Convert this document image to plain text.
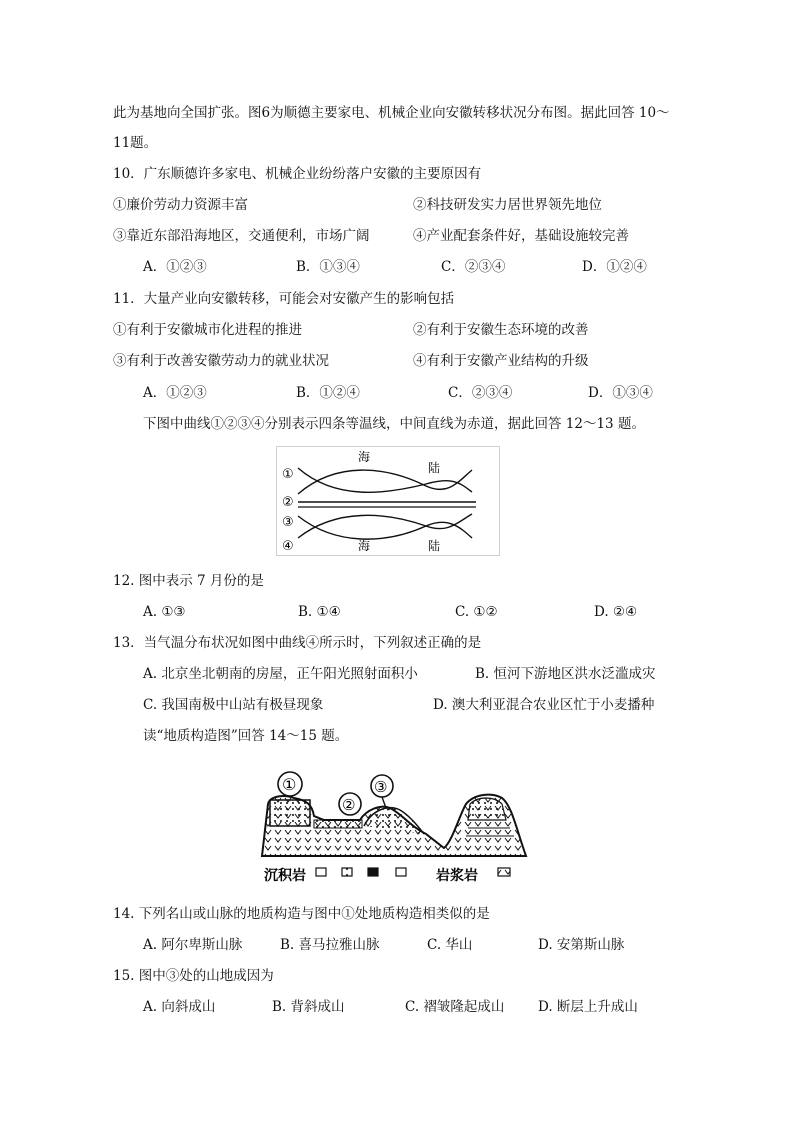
此为基地向全国扩张。图6为顺德主要家电、机械企业向安徽转移状况分布图。据此回答 10～
11题。
10．广东顺德许多家电、机械企业纷纷落户安徽的主要原因有
①廉价劳动力资源丰富	②科技研发实力居世界领先地位
③靠近东部沿海地区，交通便利，市场广阔	④产业配套条件好，基础设施较完善
A．①②③	B．①③④	C．②③④	D．①②④
11．大量产业向安徽转移，可能会对安徽产生的影响包括
①有利于安徽城市化进程的推进	②有利于安徽生态环境的改善
③有利于改善安徽劳动力的就业状况	④有利于安徽产业结构的升级
A．①②③	B．①②④	C．②③④	D．①③④
下图中曲线①②③④分别表示四条等温线，中间直线为赤道，据此回答 12～13 题。
①
②
③
④
海
陆
海	陆
12. 图中表示 7 月份的是
A. ①③	B. ①④	C. ①②	D. ②④
13．当气温分布状况如图中曲线④所示时，下列叙述正确的是
A. 北京坐北朝南的房屋，正午阳光照射面积小	B. 恒河下游地区洪水泛滥成灾
C. 我国南极中山站有极昼现象	D. 澳大利亚混合农业区忙于小麦播种
读“地质构造图”回答 14～15 题。
①
②
③
沉积岩	岩浆岩
14. 下列名山或山脉的地质构造与图中①处地质构造相类似的是
A. 阿尔卑斯山脉	B. 喜马拉雅山脉	C. 华山	D. 安第斯山脉
15. 图中③处的山地成因为
A. 向斜成山	B. 背斜成山	C. 褶皱隆起成山 D. 断层上升成山
